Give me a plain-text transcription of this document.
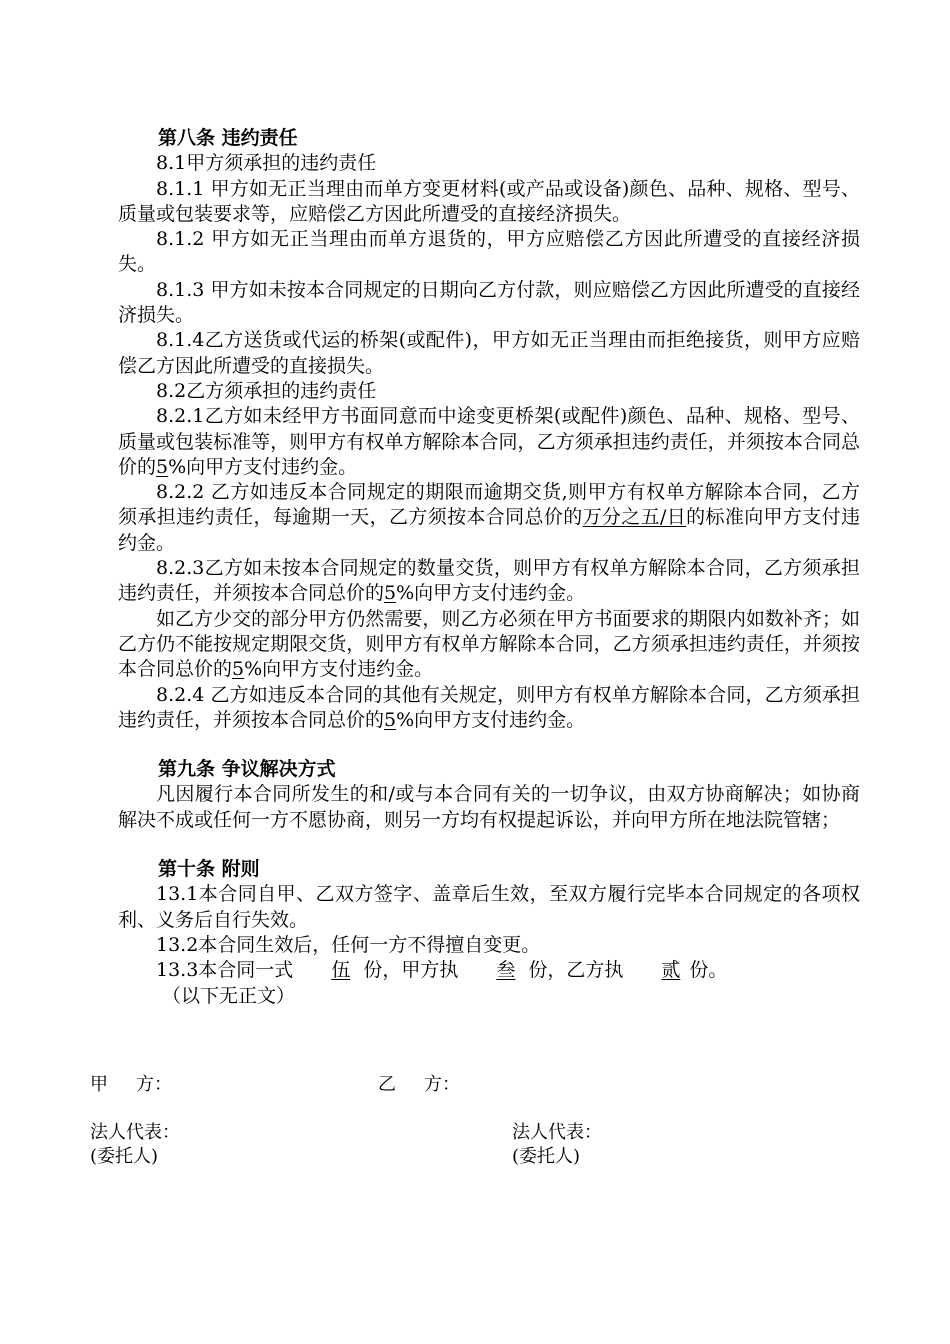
第八条 违约责任

8.1甲方须承担的违约责任

8.1.1 甲方如无正当理由而单方变更材料(或产品或设备)颜色、品种、规格、型号、质量或包装要求等，应赔偿乙方因此所遭受的直接经济损失。

8.1.2 甲方如无正当理由而单方退货的，甲方应赔偿乙方因此所遭受的直接经济损失。

8.1.3 甲方如未按本合同规定的日期向乙方付款，则应赔偿乙方因此所遭受的直接经济损失。

8.1.4乙方送货或代运的桥架(或配件)，甲方如无正当理由而拒绝接货，则甲方应赔偿乙方因此所遭受的直接损失。

8.2乙方须承担的违约责任

8.2.1乙方如未经甲方书面同意而中途变更桥架(或配件)颜色、品种、规格、型号、质量或包装标准等，则甲方有权单方解除本合同，乙方须承担违约责任，并须按本合同总价的5%向甲方支付违约金。

8.2.2 乙方如违反本合同规定的期限而逾期交货,则甲方有权单方解除本合同，乙方须承担违约责任，每逾期一天，乙方须按本合同总价的万分之五/日的标准向甲方支付违约金。

8.2.3乙方如未按本合同规定的数量交货，则甲方有权单方解除本合同，乙方须承担违约责任，并须按本合同总价的5%向甲方支付违约金。

如乙方少交的部分甲方仍然需要，则乙方必须在甲方书面要求的期限内如数补齐；如乙方仍不能按规定期限交货，则甲方有权单方解除本合同，乙方须承担违约责任，并须按本合同总价的5%向甲方支付违约金。

8.2.4 乙方如违反本合同的其他有关规定，则甲方有权单方解除本合同，乙方须承担违约责任，并须按本合同总价的5%向甲方支付违约金。

第九条 争议解决方式

凡因履行本合同所发生的和/或与本合同有关的一切争议，由双方协商解决；如协商解决不成或任何一方不愿协商，则另一方均有权提起诉讼，并向甲方所在地法院管辖；

第十条 附则

13.1本合同自甲、乙双方签字、盖章后生效，至双方履行完毕本合同规定的各项权利、义务后自行失效。

13.2本合同生效后，任何一方不得擅自变更。

13.3本合同一式 伍 份，甲方执 叁 份，乙方执 贰 份。

（以下无正文）

甲 方：	乙 方：
法人代表：
(委托人)
法人代表：
(委托人)
